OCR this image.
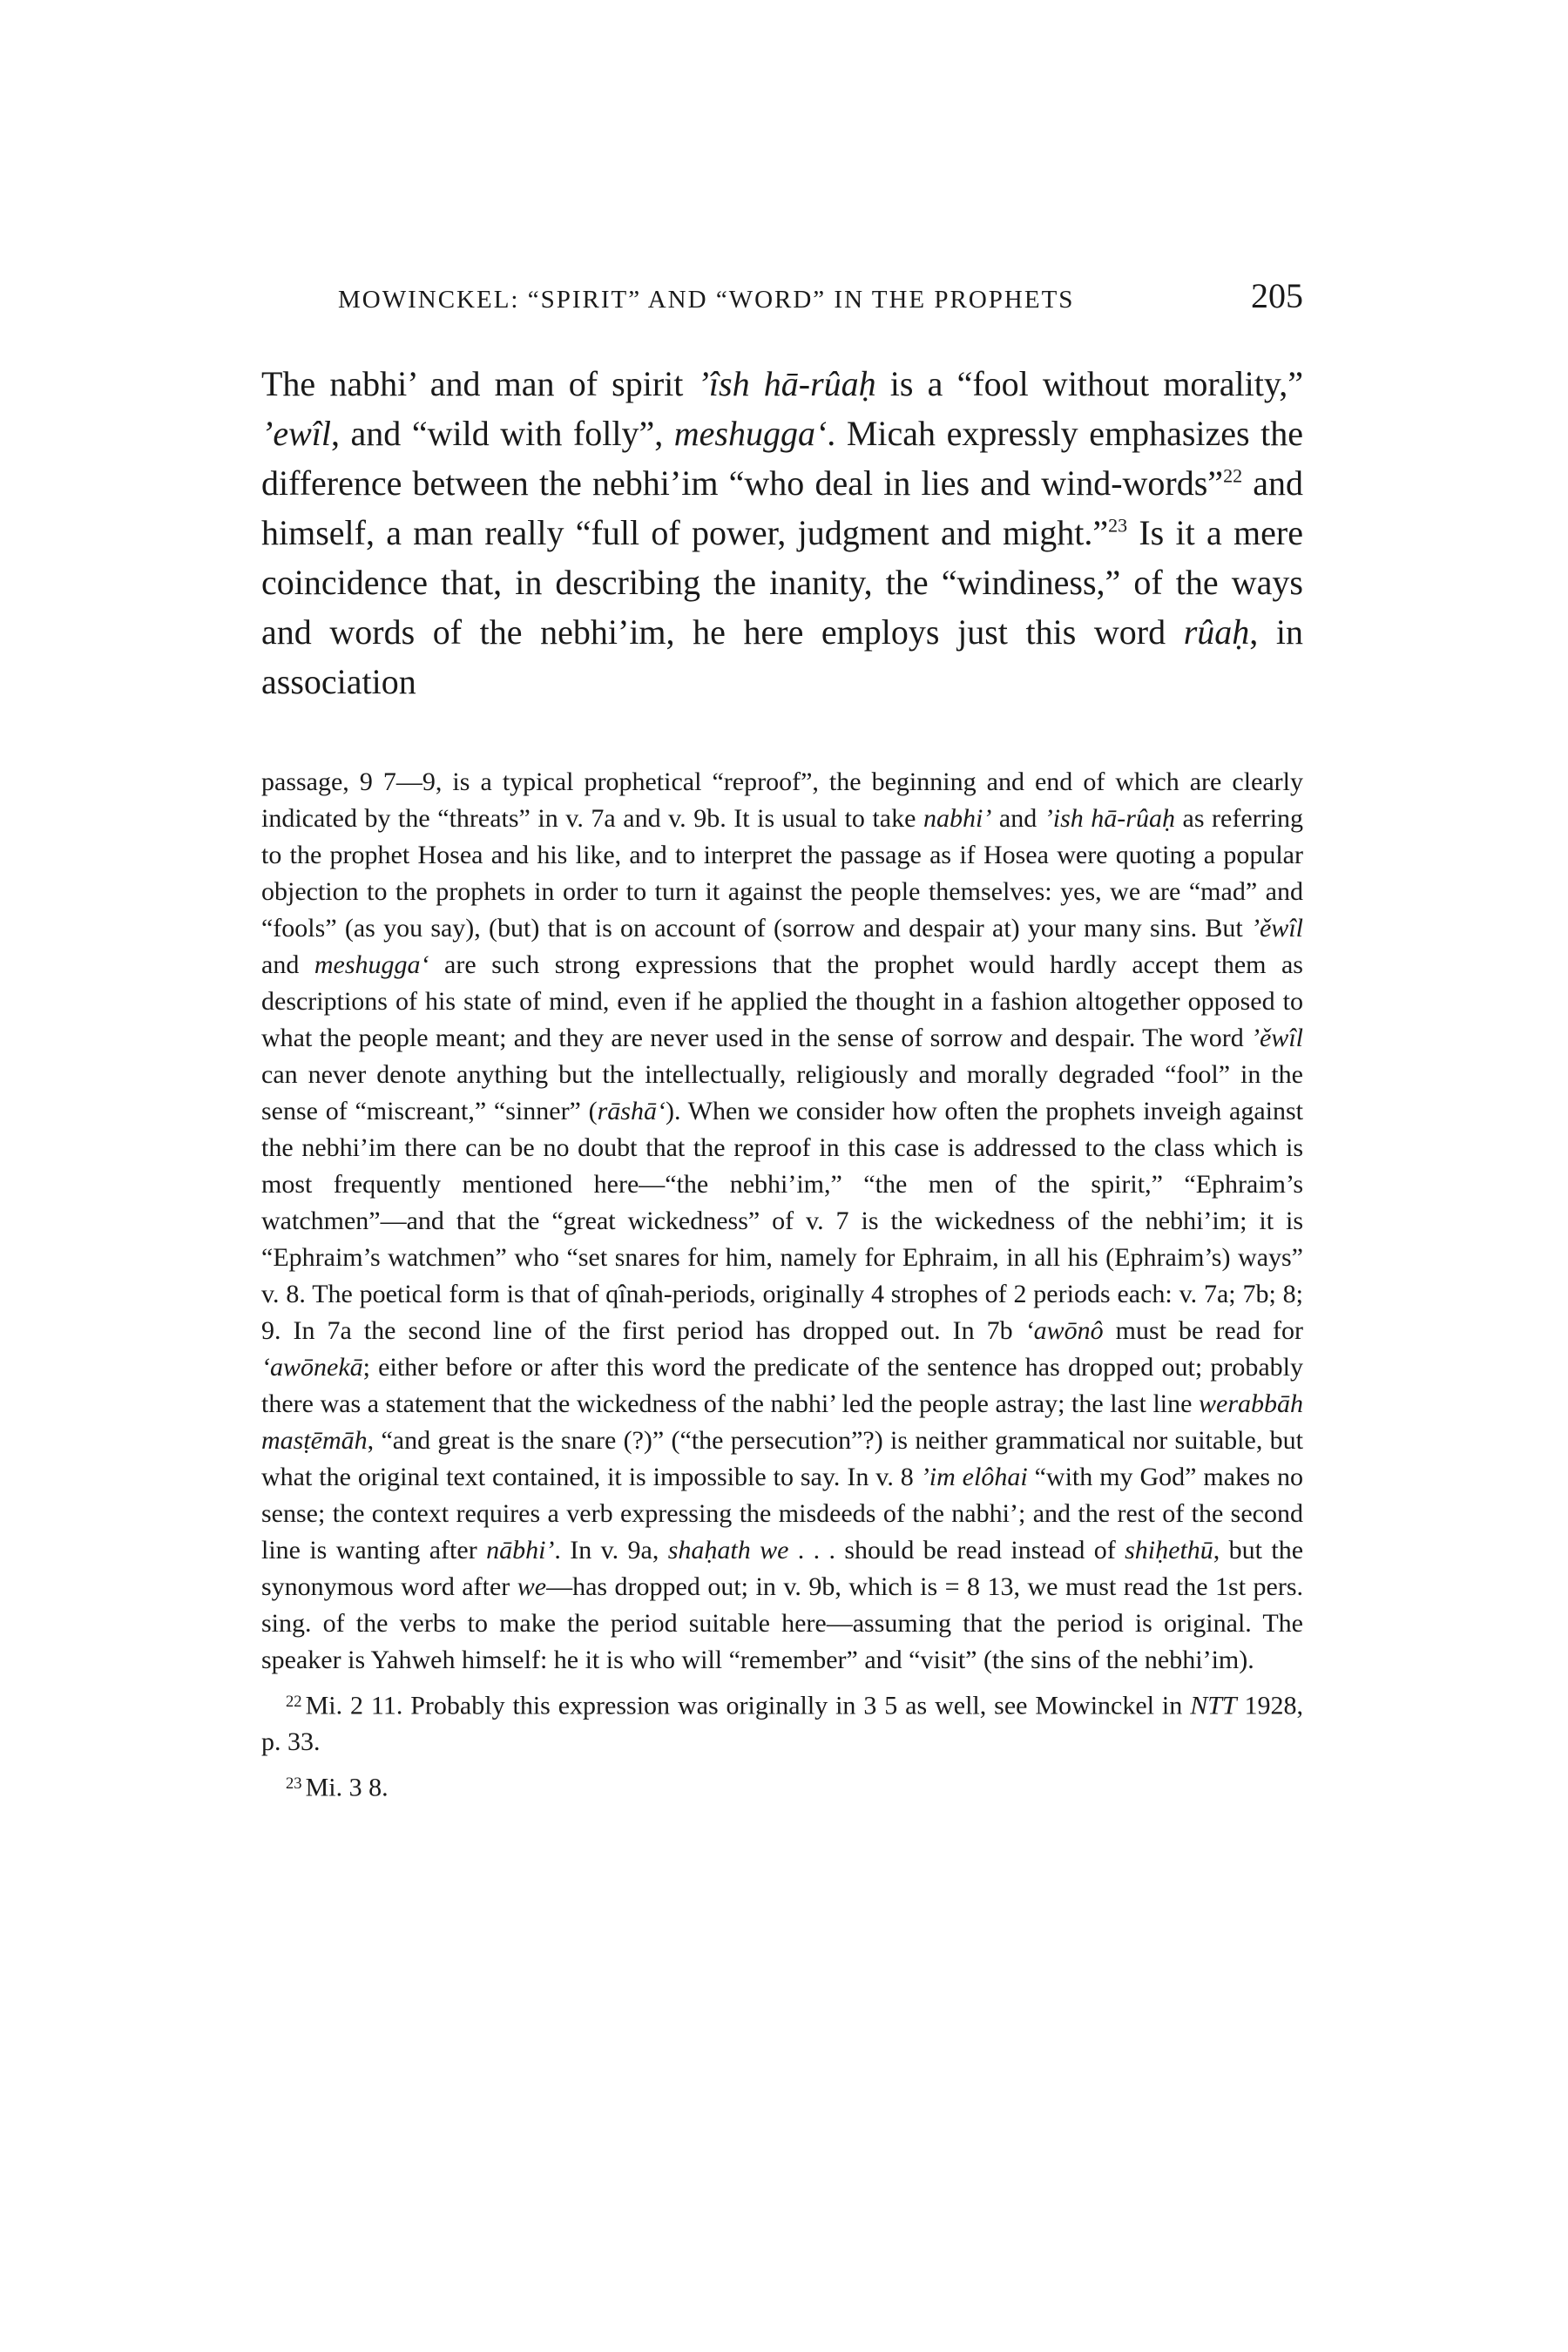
MOWINCKEL: “SPIRIT” AND “WORD” IN THE PROPHETS	205

The nabhi’ and man of spirit ’îsh hā-rûaḥ is a “fool without morality,” ’ewîl, and “wild with folly”, meshugga‘. Micah expressly emphasizes the difference between the nebhi’im “who deal in lies and wind-words”$^{22}$ and himself, a man really “full of power, judgment and might.”$^{23}$ Is it a mere coincidence that, in describing the inanity, the “windiness,” of the ways and words of the nebhi’im, he here employs just this word rûaḥ, in association

passage, 9 7—9, is a typical prophetical “reproof”, the beginning and end of which are clearly indicated by the “threats” in v. 7a and v. 9b. It is usual to take nabhi’ and ’ish hā-rûaḥ as referring to the prophet Hosea and his like, and to interpret the passage as if Hosea were quoting a popular objection to the prophets in order to turn it against the people themselves: yes, we are “mad” and “fools” (as you say), (but) that is on account of (sorrow and despair at) your many sins. But ’ěwîl and meshugga‘ are such strong expressions that the prophet would hardly accept them as descriptions of his state of mind, even if he applied the thought in a fashion altogether opposed to what the people meant; and they are never used in the sense of sorrow and despair. The word ’ěwîl can never denote anything but the intellectually, religiously and morally degraded “fool” in the sense of “miscreant,” “sinner” (rāshā‘). When we consider how often the prophets inveigh against the nebhi’im there can be no doubt that the reproof in this case is addressed to the class which is most frequently mentioned here—“the nebhi’im,” “the men of the spirit,” “Ephraim’s watchmen”—and that the “great wickedness” of v. 7 is the wickedness of the nebhi’im; it is “Ephraim’s watchmen” who “set snares for him, namely for Ephraim, in all his (Ephraim’s) ways” v. 8. The poetical form is that of qînah-periods, originally 4 strophes of 2 periods each: v. 7a; 7b; 8; 9. In 7a the second line of the first period has dropped out. In 7b ‘awōnô must be read for ‘awōnekā; either before or after this word the predicate of the sentence has dropped out; probably there was a statement that the wickedness of the nabhi’ led the people astray; the last line werabbāh masṭēmāh, “and great is the snare (?)” (“the persecution”?) is neither grammatical nor suitable, but what the original text contained, it is impossible to say. In v. 8 ’im elôhai “with my God” makes no sense; the context requires a verb expressing the misdeeds of the nabhi’; and the rest of the second line is wanting after nābhi’. In v. 9a, shaḥath we . . . should be read instead of shiḥethū, but the synonymous word after we—has dropped out; in v. 9b, which is = 8 13, we must read the 1st pers. sing. of the verbs to make the period suitable here—assuming that the period is original. The speaker is Yahweh himself: he it is who will “remember” and “visit” (the sins of the nebhi’im).

$^{22}$ Mi. 2 11. Probably this expression was originally in 3 5 as well, see Mowinckel in NTT 1928, p. 33.

$^{23}$ Mi. 3 8.
